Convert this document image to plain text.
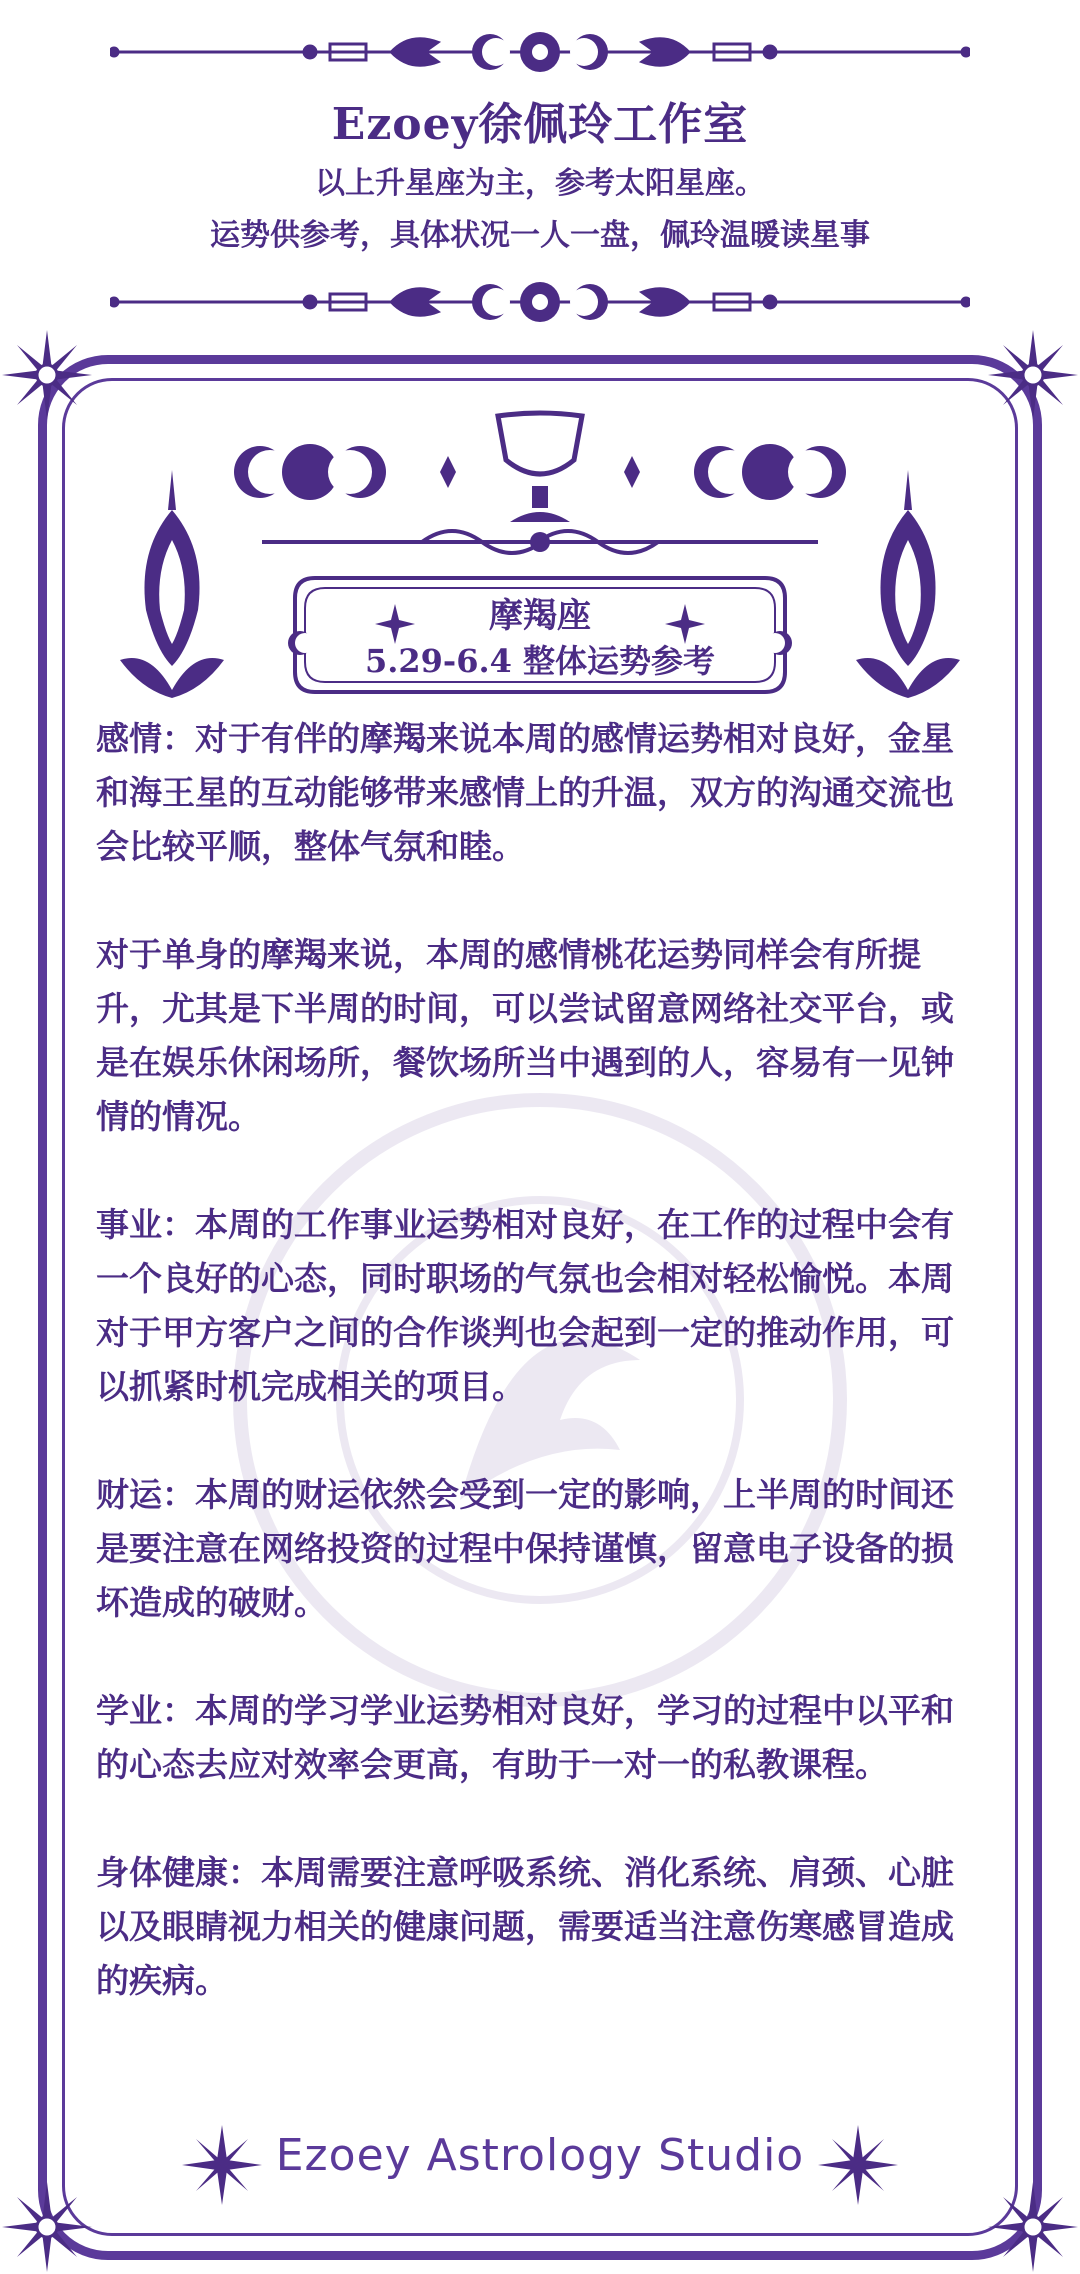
Ezoey徐佩玲工作室
以上升星座为主，参考太阳星座。
运势供参考，具体状况一人一盘，佩玲温暖读星事
摩羯座
5.29-6.4 整体运势参考

感情：对于有伴的摩羯来说本周的感情运势相对良好，金星和海王星的互动能够带来感情上的升温，双方的沟通交流也会比较平顺，整体气氛和睦。

对于单身的摩羯来说，本周的感情桃花运势同样会有所提升，尤其是下半周的时间，可以尝试留意网络社交平台，或是在娱乐休闲场所，餐饮场所当中遇到的人，容易有一见钟情的情况。

事业：本周的工作事业运势相对良好，在工作的过程中会有一个良好的心态，同时职场的气氛也会相对轻松愉悦。本周对于甲方客户之间的合作谈判也会起到一定的推动作用，可以抓紧时机完成相关的项目。

财运：本周的财运依然会受到一定的影响，上半周的时间还是要注意在网络投资的过程中保持谨慎，留意电子设备的损坏造成的破财。

学业：本周的学习学业运势相对良好，学习的过程中以平和的心态去应对效率会更高，有助于一对一的私教课程。

身体健康：本周需要注意呼吸系统、消化系统、肩颈、心脏以及眼睛视力相关的健康问题，需要适当注意伤寒感冒造成的疾病。

Ezoey Astrology Studio
